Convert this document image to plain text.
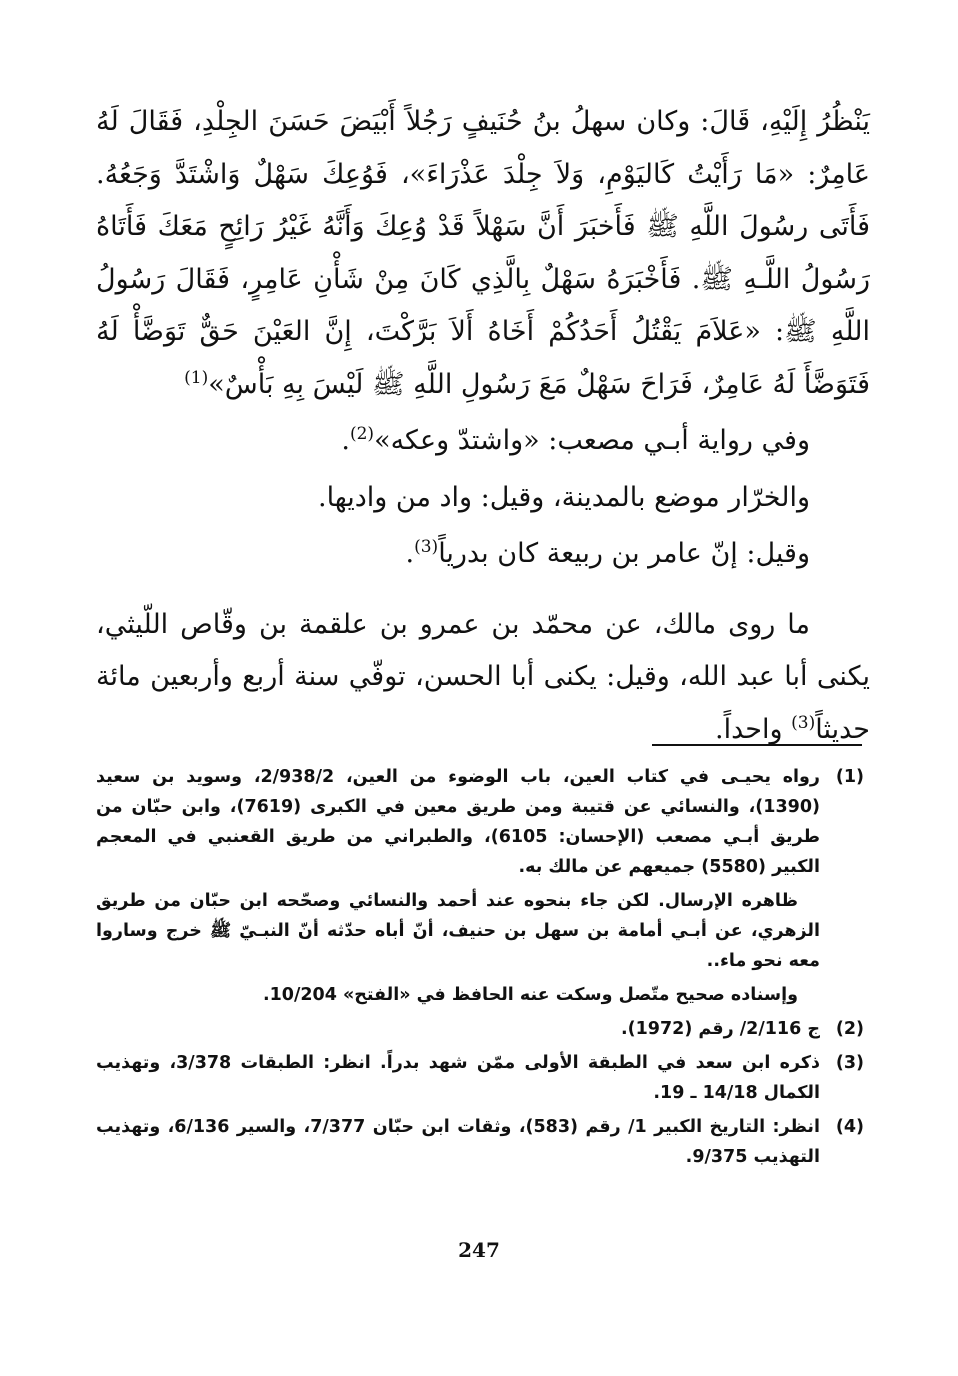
يَنْظُرُ إِلَيْهِ، قَالَ: وكان سهلُ بنُ حُنَيفٍ رَجُلاً أَبْيَضَ حَسَنَ الجِلْدِ، فَقَالَ لَهُ عَامِرٌ: «مَا رَأَيْتُ كَاليَوْمِ، وَلاَ جِلْدَ عَذْرَاءَ»، فَوُعِكَ سَهْلٌ وَاشْتَدَّ وَجَعُهُ. فَأَتَى رسُولَ اللَّهِ ﷺ فَأَخبَرَ أَنَّ سَهْلاً قَدْ وُعِكَ وَأَنَّهُ غَيْرُ رَائِحٍ مَعَكَ فَأَتَاهُ رَسُولُ اللَّـهِ ﷺ. فَأَخْبَرَهُ سَهْلٌ بِالَّذِي كَانَ مِنْ شَأْنِ عَامِرٍ، فَقَالَ رَسُولُ اللَّهِ ﷺ: «عَلاَمَ يَقْتُلُ أَحَدُكُمْ أَخَاهُ أَلاَ بَرَّكْتَ، إِنَّ العَيْنَ حَقٌّ تَوَضَّأْ لَهُ فَتَوَضَّأَ لَهُ عَامِرٌ، فَرَاحَ سَهْلٌ مَعَ رَسُولِ اللَّهِ ﷺ لَيْسَ بِهِ بَأْسٌ»$^{(1)}$

وفي رواية أبـي مصعب: «واشتدّ وعكه»$^{(2)}$.

والخرّار موضع بالمدينة، وقيل: واد من واديها.

وقيل: إنّ عامر بن ربيعة كان بدرياً$^{(3)}$.

ما روى مالك، عن محمّد بن عمرو بن علقمة بن وقّاص اللّيثي، يكنى أبا عبد الله، وقيل: يكنى أبا الحسن، توفّي سنة أربع وأربعين مائة حديثاً$^{(3)}$ واحداً.

(1)رواه يحيـى في كتاب العين، باب الوضوء من العين، 2/938/2، وسويد بن سعيد (1390)، والنسائي عن قتيبة ومن طريق معين في الكبرى (7619)، وابن حبّان من طريق أبـي مصعب (الإحسان: 6105)، والطبراني من طريق القعنبي في المعجم الكبير (5580) جميعهم عن مالك به.

ظاهره الإرسال. لكن جاء بنحوه عند أحمد والنسائي وصحّحه ابن حبّان من طريق الزهري، عن أبـي أمامة بن سهل بن حنيف، أنّ أباه حدّثه أنّ النبـيّ ﷺ خرج وساروا معه نحو ماء..

وإسناده صحيح متّصل وسكت عنه الحافظ في «الفتح» 10/204.

(2)ج 2/116/ رقم (1972).

(3)ذكره ابن سعد في الطبقة الأولى ممّن شهد بدراً. انظر: الطبقات 3/378، وتهذيب الكمال 14/18 ـ 19.

(4)انظر: التاريخ الكبير 1/ رقم (583)، وثقات ابن حبّان 7/377، والسير 6/136، وتهذيب التهذيب 9/375.

247
